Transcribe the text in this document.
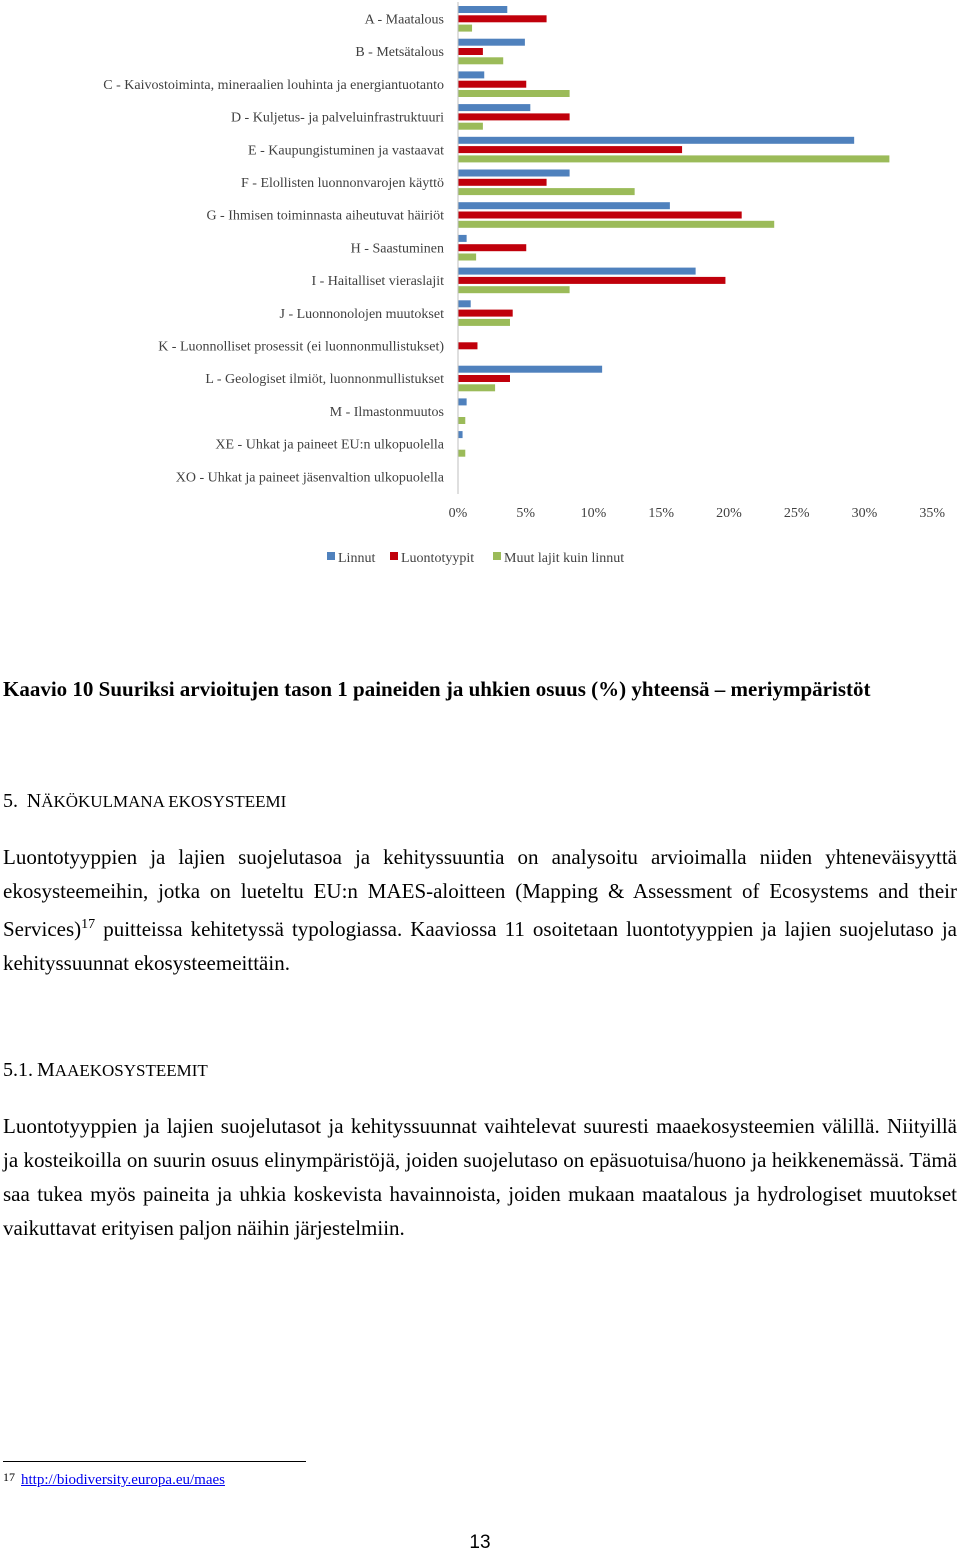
A - Maatalous
B - Metsätalous
C - Kaivostoiminta, mineraalien louhinta ja energiantuotanto
D - Kuljetus- ja palveluinfrastruktuuri
E - Kaupungistuminen ja vastaavat
F - Elollisten luonnonvarojen käyttö
G - Ihmisen toiminnasta aiheutuvat häiriöt
H - Saastuminen
I - Haitalliset vieraslajit
J - Luonnonolojen muutokset
K - Luonnolliset prosessit (ei luonnonmullistukset)
L - Geologiset ilmiöt, luonnonmullistukset
M - Ilmastonmuutos
XE - Uhkat ja paineet EU:n ulkopuolella
XO - Uhkat ja paineet jäsenvaltion ulkopuolella
0%	5%	10%	15%	20%	25%	30%	35%
Linnut Luontotyypit Muut lajit kuin linnut
Kaavio 10 Suuriksi arvioitujen tason 1 paineiden ja uhkien osuus (%) yhteensä – meriympäristöt
5. NÄKÖKULMANA EKOSYSTEEMI
Luontotyyppien ja lajien suojelutasoa ja kehityssuuntia on analysoitu arvioimalla niiden yhteneväisyyttä ekosysteemeihin, jotka on lueteltu EU:n MAES-aloitteen (Mapping & Assessment of Ecosystems and their Services)$^{17}$ puitteissa kehitetyssä typologiassa. Kaaviossa 11 osoitetaan luontotyyppien ja lajien suojelutaso ja kehityssuunnat ekosysteemeittäin.
5.1. MAAEKOSYSTEEMIT
Luontotyyppien ja lajien suojelutasot ja kehityssuunnat vaihtelevat suuresti maaekosysteemien välillä. Niityillä ja kosteikoilla on suurin osuus elinympäristöjä, joiden suojelutaso on epäsuotuisa/huono ja heikkenemässä. Tämä saa tukea myös paineita ja uhkia koskevista havainnoista, joiden mukaan maatalous ja hydrologiset muutokset vaikuttavat erityisen paljon näihin järjestelmiin.
$^{17}$ http://biodiversity.europa.eu/maes
13
